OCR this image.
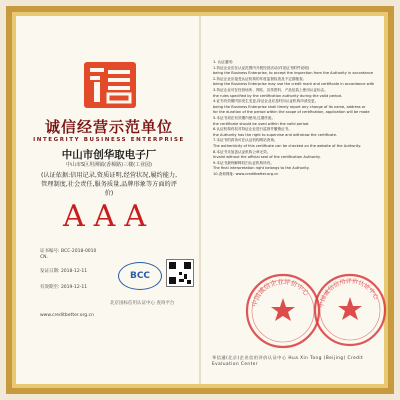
诚信经营示范单位
INTEGRITY BUSINESS ENTERPRISE
中山市创华取电子厂
中山市S区坦洲镇(香樟路)三楼(工业园)
(认证依据:信用记录,资质证明,经营状况,履约能力,管理制度,社会责任,服务质量,品牌形象等方面的评价)
AAA
证书编号: BCC-2018-0010
CN.
发证日期: 2018-12-11
有效期至: 2019-12-11
BCC
北京国标信用认证中心 查询平台
www.creditbetter.org.cn
1. 认证通则:
1.持证企业应在认证范围内开展经营活动(详见证书附件说明)
being the Business Enterprise, to accept the inspection from the Authority in accordance
2.持证企业应接受认证机构的年度监督检查及不定期抽查。
being the Business Enterprise may use the credit mark and certificate in accordance with
3.持证企业可在经营场所、网站、宣传资料、产品包装上使用认证标志。
the rules specified by the certification authority during the valid period.
4.证书有效期内如发生变更,持证企业应及时向认证机构申请变更。
being the Business Enterprise shall timely report any change of its name, address or
for the duration of the period within the scope of certification, application will be made
5.本证书须在有效期内使用,过期作废。
the certificate should be used within the valid period.
6.认证机构有权对持证企业进行监督并撤销证书。
the Authority has the right to supervise and withdraw the certificate.
7.本证书的真伪可在认证机构网站查询。
The authenticity of this certificate can be checked on the website of the Authority.
8.本证书未加盖认证机构公章无效。
Invalid without the official seal of the certification Authority.
9.本证书最终解释权归认证机构所有。
The final interpretation right belongs to the Authority.
10.查询网址: www.creditbetter.org.cn
中国诚信企业评价中心
中国诚信信用评价认证中心
华信通(北京)企业信用评价认证中心 Hua Xin Tong (Beijing) Credit Evaluation Center
